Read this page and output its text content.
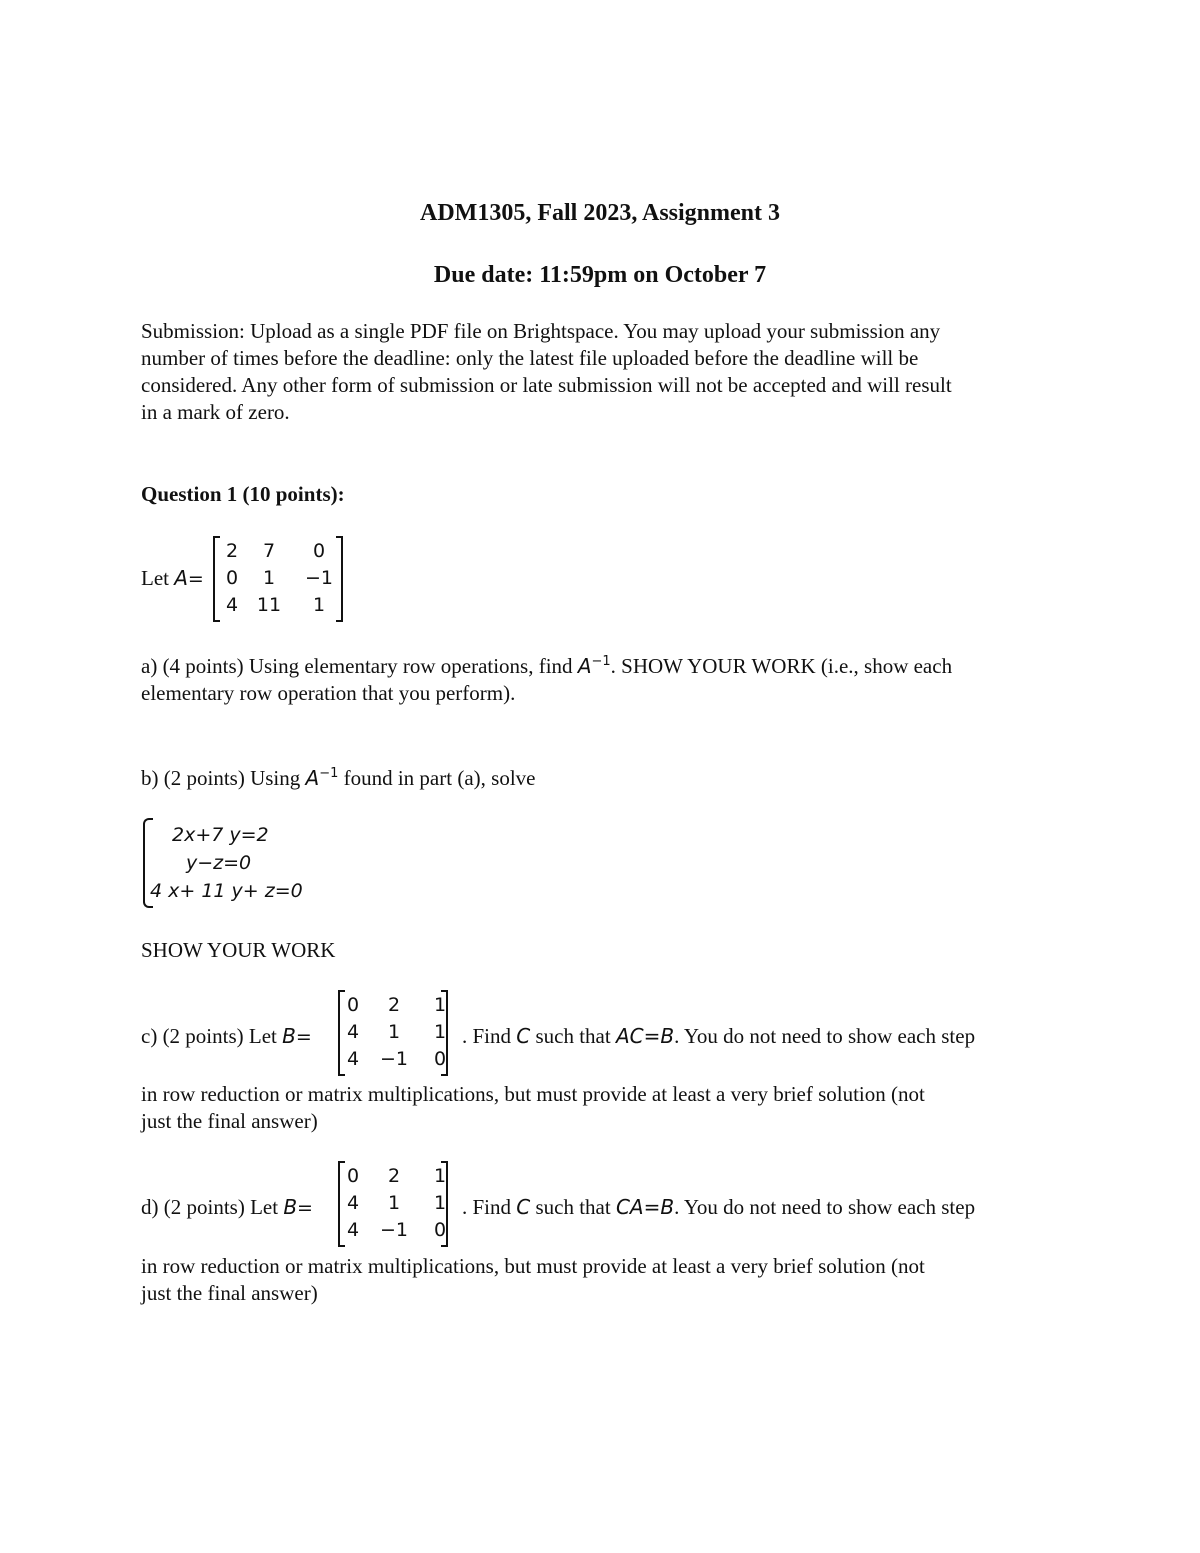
ADM1305, Fall 2023, Assignment 3
Due date: 11:59pm on October 7
Submission: Upload as a single PDF file on Brightspace. You may upload your submission any
number of times before the deadline: only the latest file uploaded before the deadline will be
considered. Any other form of submission or late submission will not be accepted and will result
in a mark of zero.
Question 1 (10 points):
Let A=
2	7	0
0	1	−1
4 11	1
a) (4 points) Using elementary row operations, find $A^{-1}$. SHOW YOUR WORK (i.e., show each
elementary row operation that you perform).
b) (2 points) Using $A^{-1}$ found in part (a), solve
2x+7 y=2
y−z=0
4 x+ 11 y+ z=0
SHOW YOUR WORK
0	2	1
4	1	1
4	−1	0
c) (2 points) Let B=	. Find C such that AC=B. You do not need to show each step
in row reduction or matrix multiplications, but must provide at least a very brief solution (not
just the final answer)
0	2	1
4	1	1
4	−1	0
d) (2 points) Let B=	. Find C such that CA=B. You do not need to show each step
in row reduction or matrix multiplications, but must provide at least a very brief solution (not
just the final answer)
